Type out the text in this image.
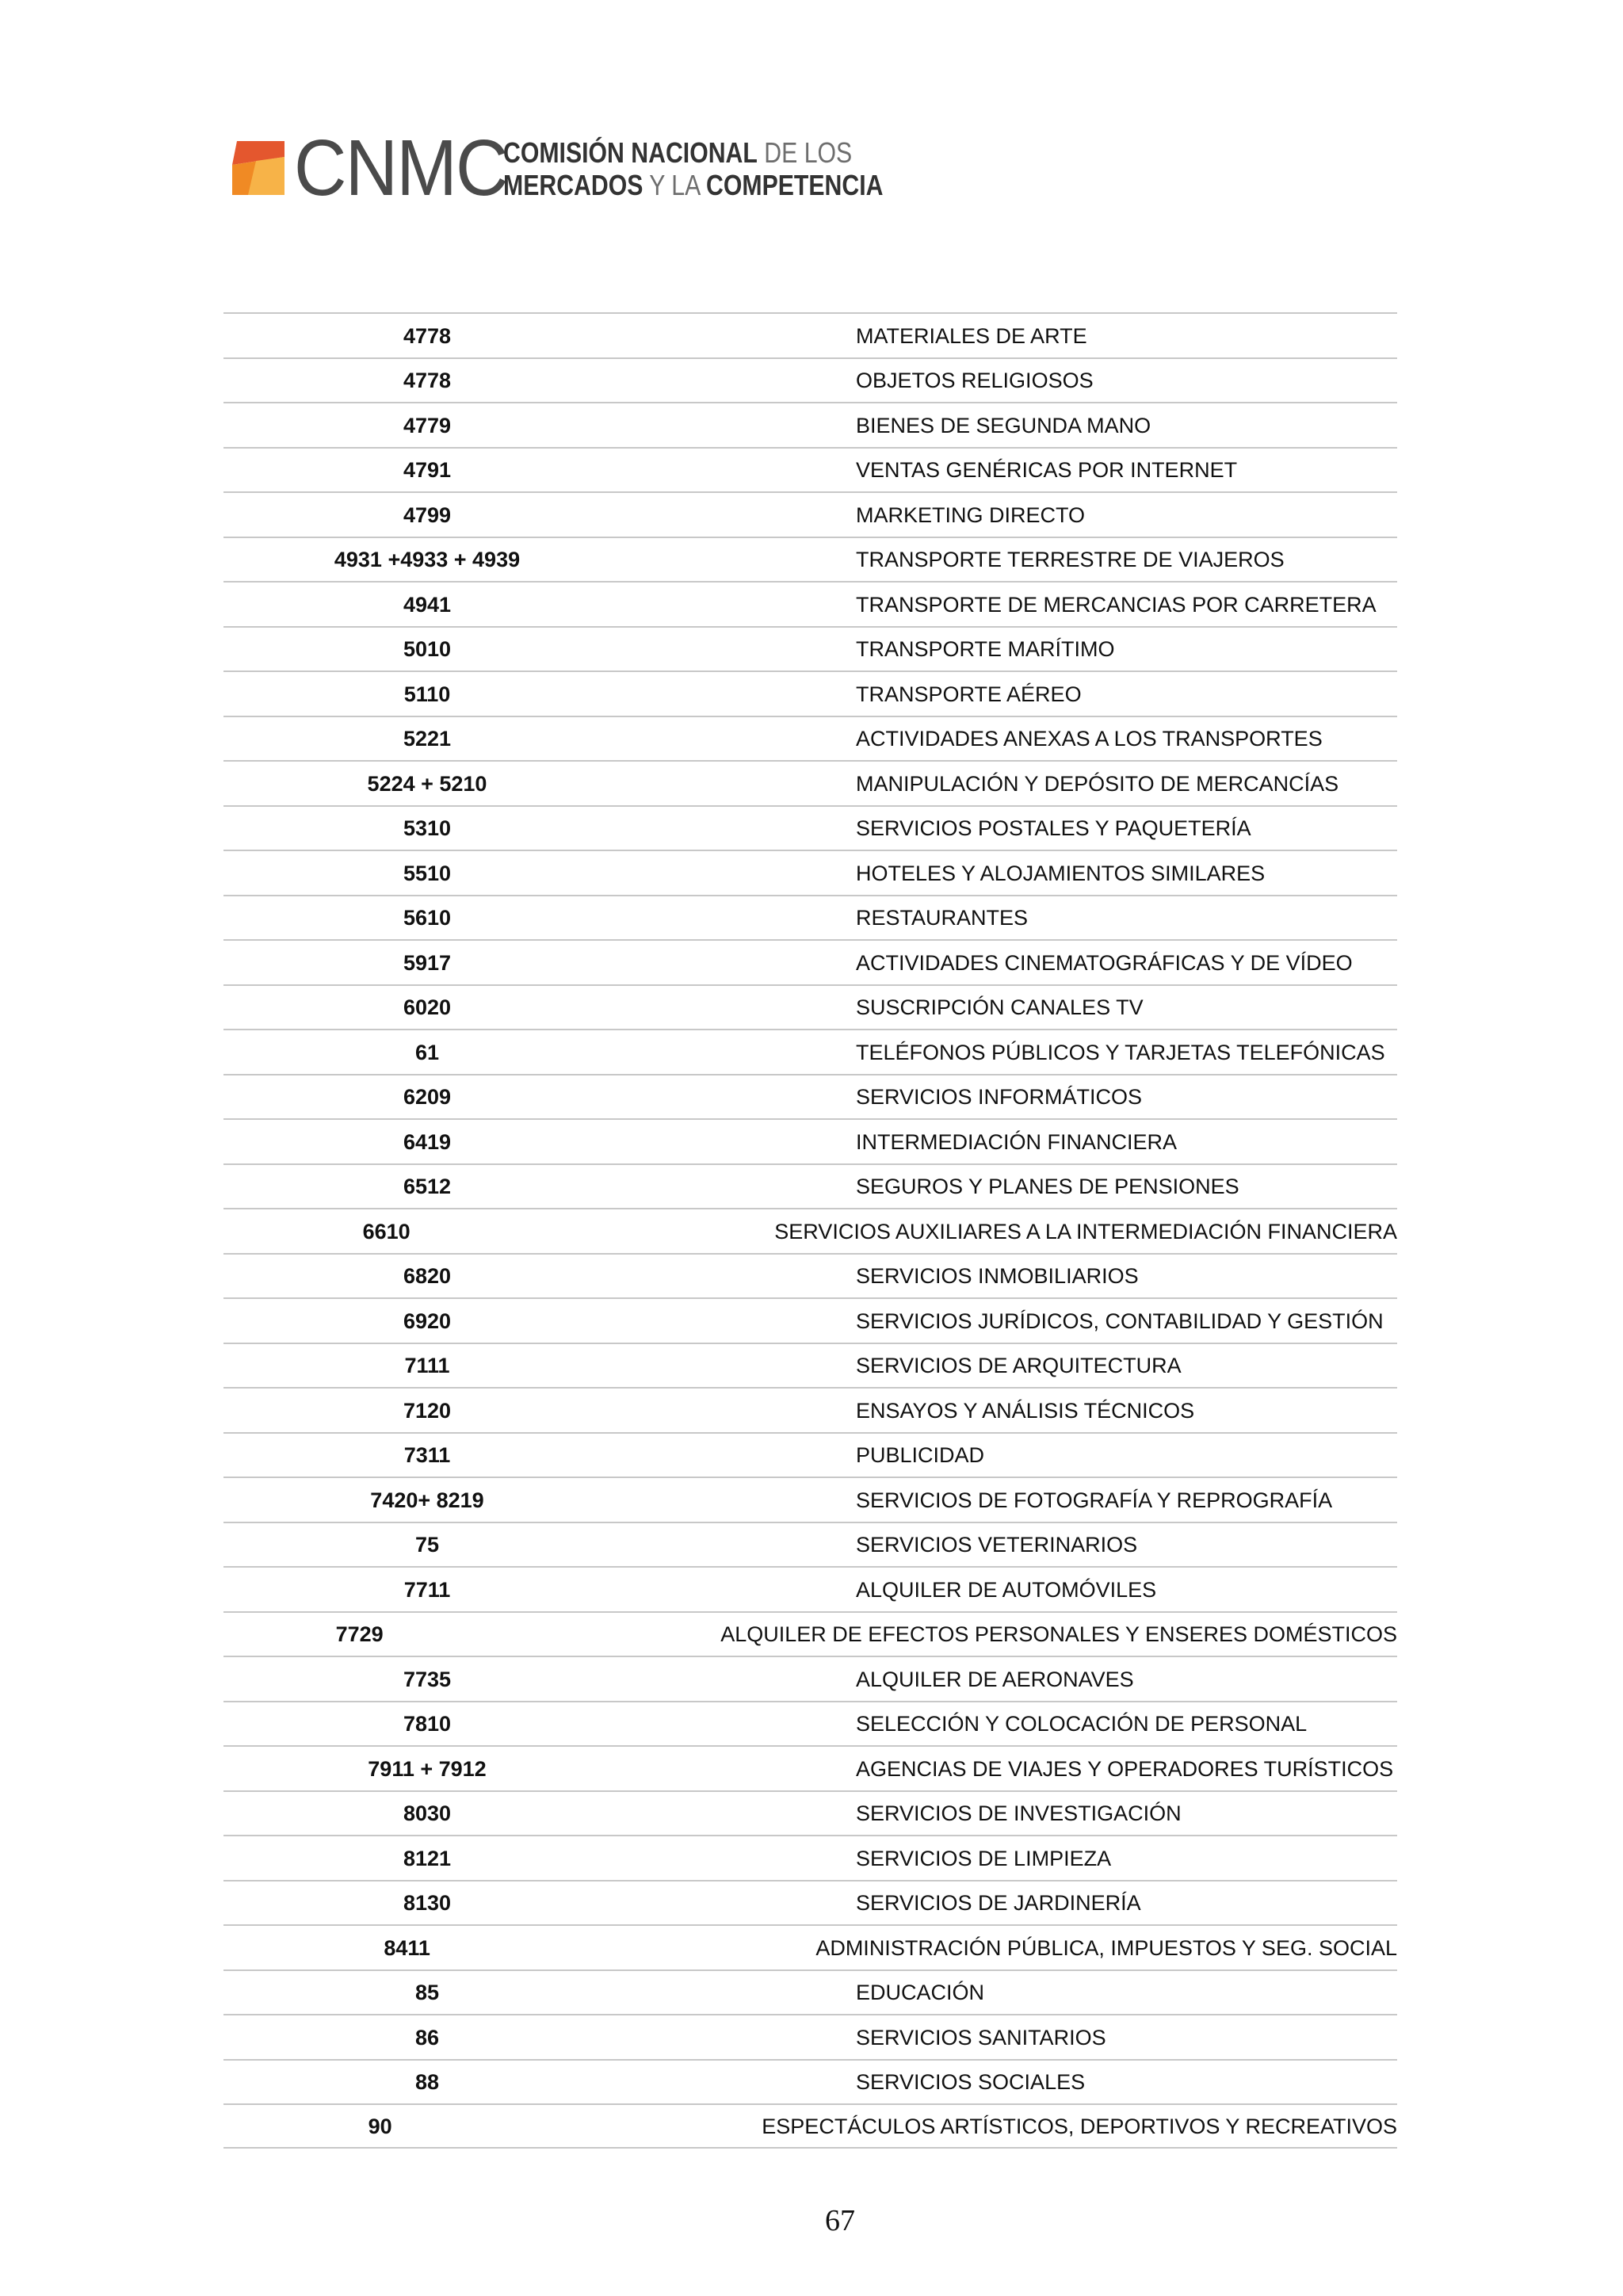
CNMC
COMISIÓN NACIONAL DE LOS
MERCADOS Y LA COMPETENCIA
4778	MATERIALES DE ARTE
4778	OBJETOS RELIGIOSOS
4779	BIENES DE SEGUNDA MANO
4791	VENTAS GENÉRICAS POR INTERNET
4799	MARKETING DIRECTO
4931 +4933 + 4939	TRANSPORTE TERRESTRE DE VIAJEROS
4941	TRANSPORTE DE MERCANCIAS POR CARRETERA
5010	TRANSPORTE MARÍTIMO
5110	TRANSPORTE AÉREO
5221	ACTIVIDADES ANEXAS A LOS TRANSPORTES
5224 + 5210	MANIPULACIÓN Y DEPÓSITO DE MERCANCÍAS
5310	SERVICIOS POSTALES Y PAQUETERÍA
5510	HOTELES Y ALOJAMIENTOS SIMILARES
5610	RESTAURANTES
5917	ACTIVIDADES CINEMATOGRÁFICAS Y DE VÍDEO
6020	SUSCRIPCIÓN CANALES TV
61	TELÉFONOS PÚBLICOS Y TARJETAS TELEFÓNICAS
6209	SERVICIOS INFORMÁTICOS
6419	INTERMEDIACIÓN FINANCIERA
6512	SEGUROS Y PLANES DE PENSIONES
6610	SERVICIOS AUXILIARES A LA INTERMEDIACIÓN FINANCIERA
6820	SERVICIOS INMOBILIARIOS
6920	SERVICIOS JURÍDICOS, CONTABILIDAD Y GESTIÓN
7111	SERVICIOS DE ARQUITECTURA
7120	ENSAYOS Y ANÁLISIS TÉCNICOS
7311	PUBLICIDAD
7420+ 8219	SERVICIOS DE FOTOGRAFÍA Y REPROGRAFÍA
75	SERVICIOS VETERINARIOS
7711	ALQUILER DE AUTOMÓVILES
7729	ALQUILER DE EFECTOS PERSONALES Y ENSERES DOMÉSTICOS
7735	ALQUILER DE AERONAVES
7810	SELECCIÓN Y COLOCACIÓN DE PERSONAL
7911 + 7912	AGENCIAS DE VIAJES Y OPERADORES TURÍSTICOS
8030	SERVICIOS DE INVESTIGACIÓN
8121	SERVICIOS DE LIMPIEZA
8130	SERVICIOS DE JARDINERÍA
8411	ADMINISTRACIÓN PÚBLICA, IMPUESTOS Y SEG. SOCIAL
85	EDUCACIÓN
86	SERVICIOS SANITARIOS
88	SERVICIOS SOCIALES
90	ESPECTÁCULOS ARTÍSTICOS, DEPORTIVOS Y RECREATIVOS
67
